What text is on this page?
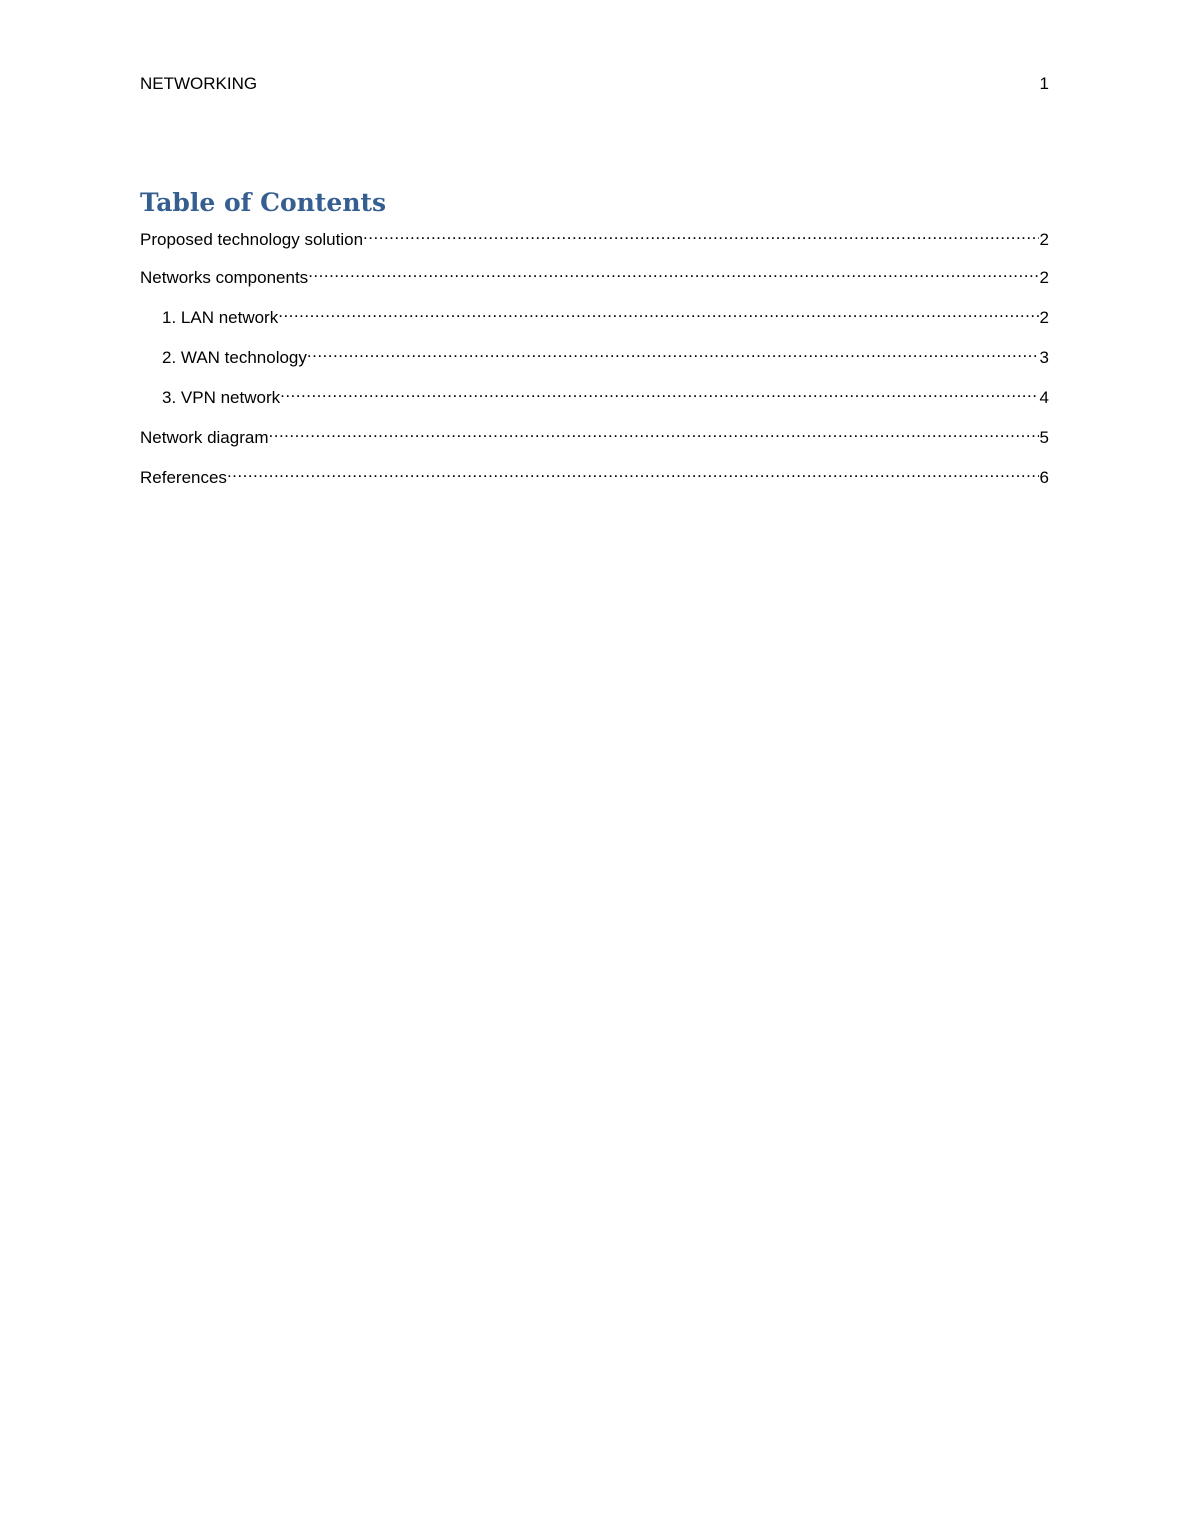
NETWORKING	1
Table of Contents
Proposed technology solution .....	2
Networks components .....	2
1. LAN network .....	2
2. WAN technology .....	3
3. VPN network .....	4
Network diagram .....	5
References .....	6
